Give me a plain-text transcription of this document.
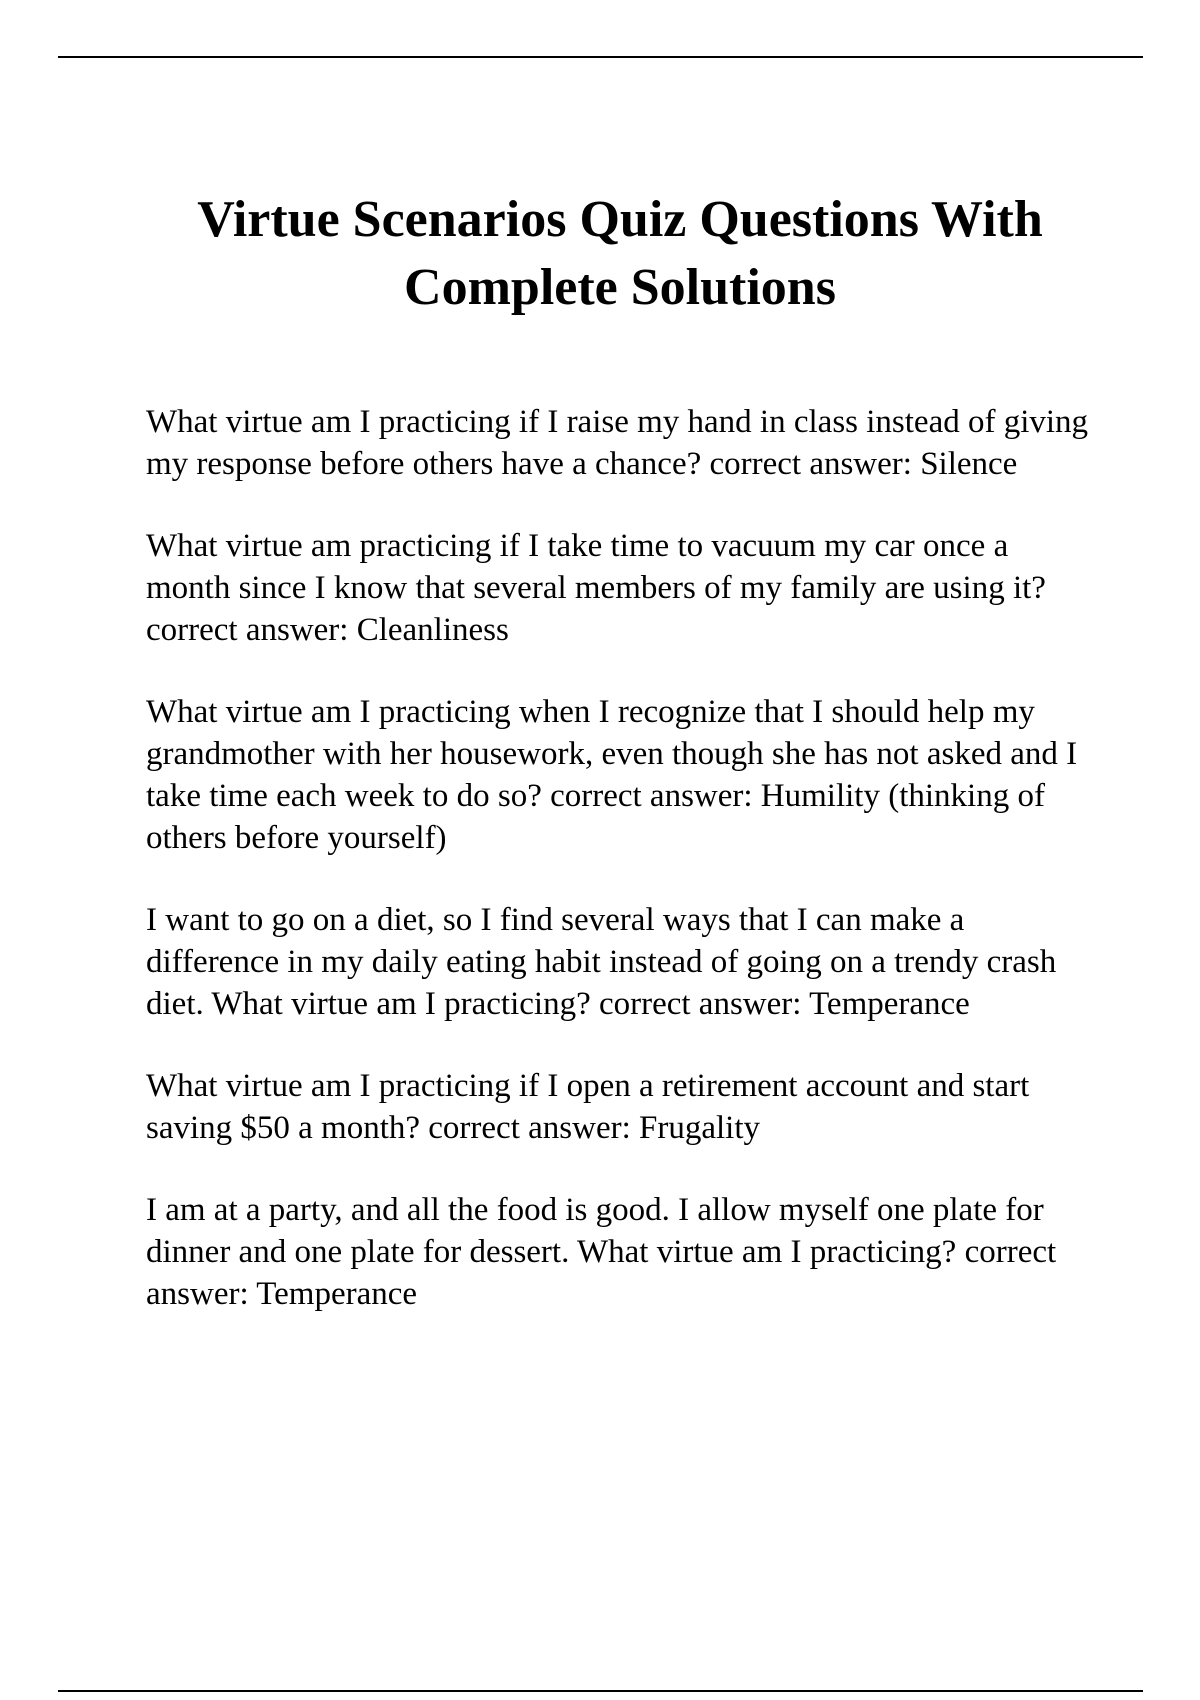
Virtue Scenarios Quiz Questions With Complete Solutions

What virtue am I practicing if I raise my hand in class instead of giving my response before others have a chance? correct answer: Silence

What virtue am practicing if I take time to vacuum my car once a month since I know that several members of my family are using it? correct answer: Cleanliness

What virtue am I practicing when I recognize that I should help my grandmother with her housework, even though she has not asked and I take time each week to do so? correct answer: Humility (thinking of others before yourself)

I want to go on a diet, so I find several ways that I can make a difference in my daily eating habit instead of going on a trendy crash diet. What virtue am I practicing? correct answer: Temperance

What virtue am I practicing if I open a retirement account and start saving $50 a month? correct answer: Frugality

I am at a party, and all the food is good. I allow myself one plate for dinner and one plate for dessert. What virtue am I practicing? correct answer: Temperance
